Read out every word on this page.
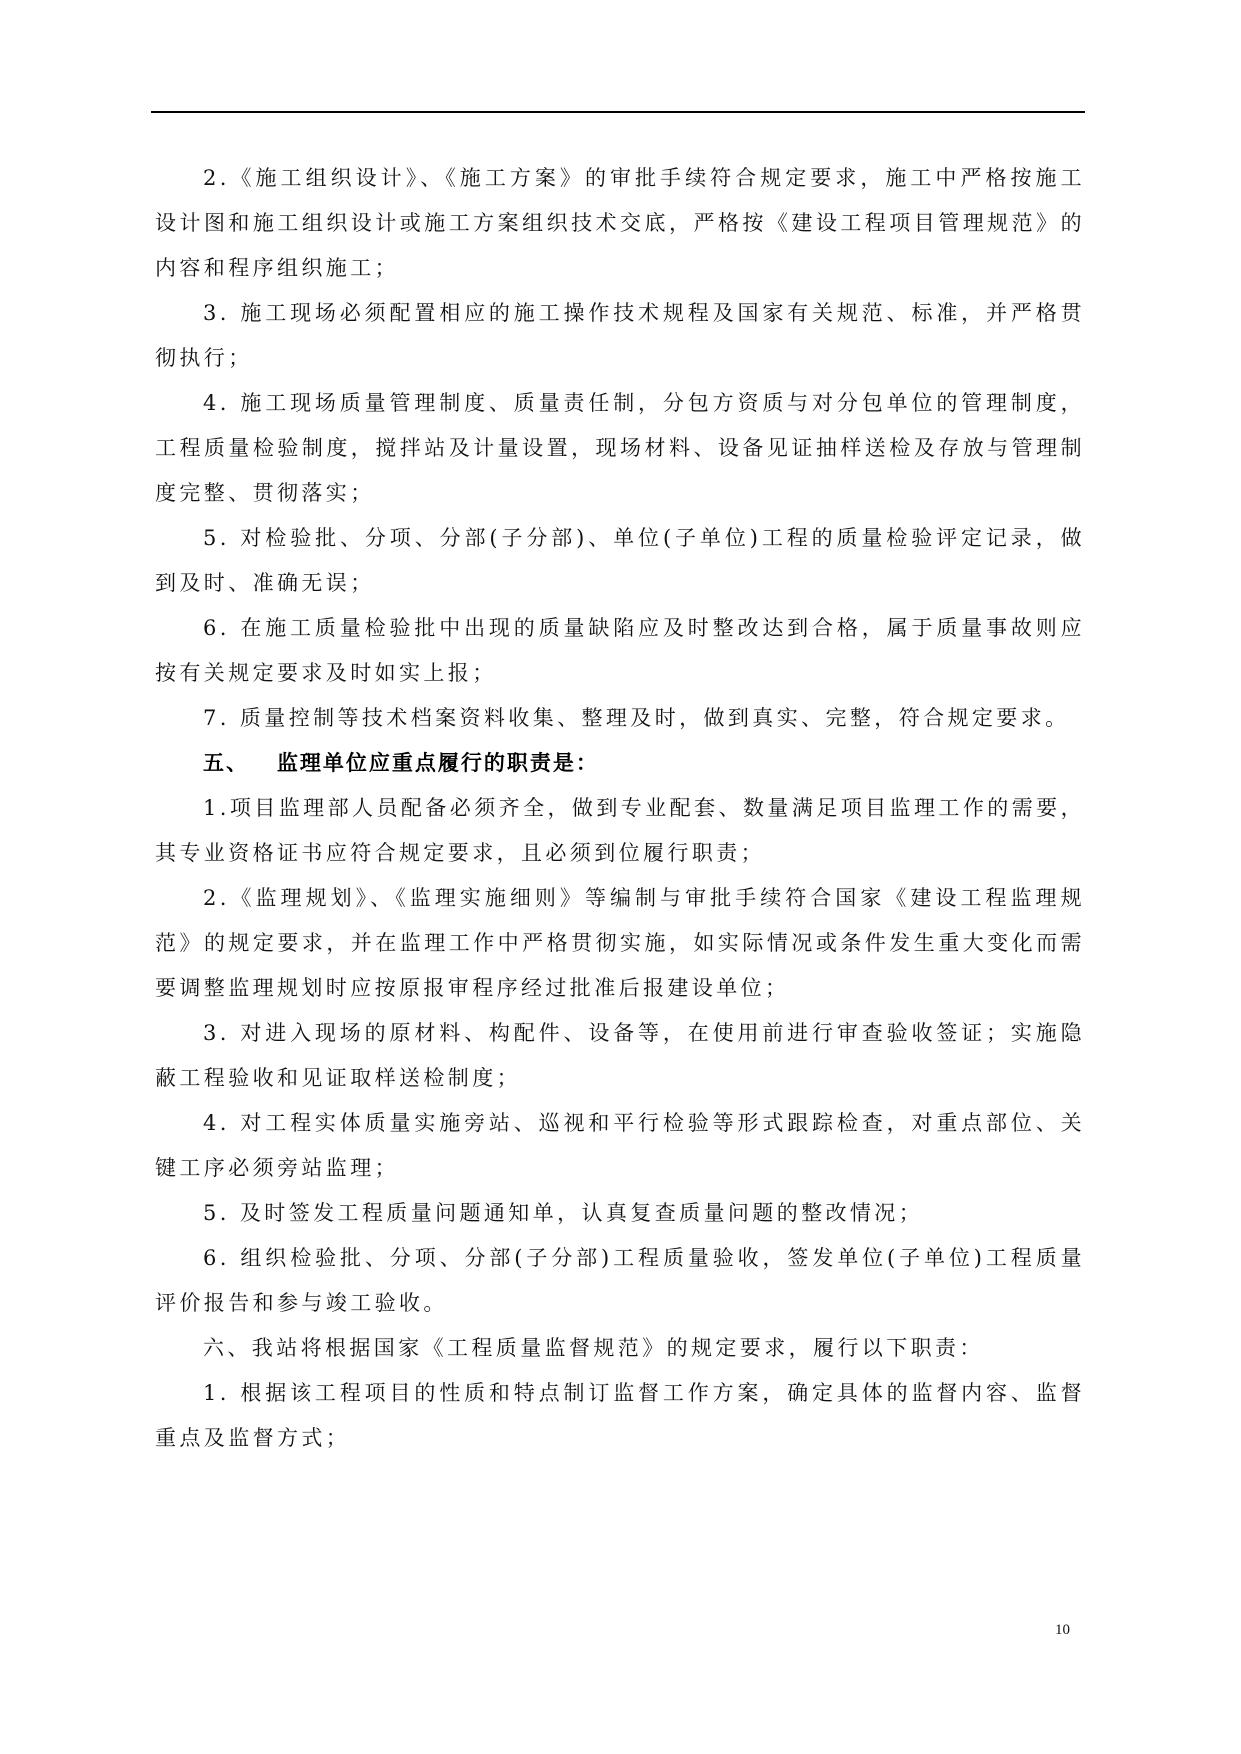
2.《施工组织设计》、《施工方案》的审批手续符合规定要求，施工中严格按施工设计图和施工组织设计或施工方案组织技术交底，严格按《建设工程项目管理规范》的内容和程序组织施工；

3. 施工现场必须配置相应的施工操作技术规程及国家有关规范、标准，并严格贯彻执行；

4. 施工现场质量管理制度、质量责任制，分包方资质与对分包单位的管理制度，工程质量检验制度，搅拌站及计量设置，现场材料、设备见证抽样送检及存放与管理制度完整、贯彻落实；

5. 对检验批、分项、分部(子分部)、单位(子单位)工程的质量检验评定记录，做到及时、准确无误；

6. 在施工质量检验批中出现的质量缺陷应及时整改达到合格，属于质量事故则应按有关规定要求及时如实上报；

7. 质量控制等技术档案资料收集、整理及时，做到真实、完整，符合规定要求。

五、   监理单位应重点履行的职责是：

1.项目监理部人员配备必须齐全，做到专业配套、数量满足项目监理工作的需要，其专业资格证书应符合规定要求，且必须到位履行职责；

2.《监理规划》、《监理实施细则》等编制与审批手续符合国家《建设工程监理规范》的规定要求，并在监理工作中严格贯彻实施，如实际情况或条件发生重大变化而需要调整监理规划时应按原报审程序经过批准后报建设单位；

3. 对进入现场的原材料、构配件、设备等，在使用前进行审查验收签证；实施隐蔽工程验收和见证取样送检制度；

4. 对工程实体质量实施旁站、巡视和平行检验等形式跟踪检查，对重点部位、关键工序必须旁站监理；

5. 及时签发工程质量问题通知单，认真复查质量问题的整改情况；

6. 组织检验批、分项、分部(子分部)工程质量验收，签发单位(子单位)工程质量评价报告和参与竣工验收。

六、我站将根据国家《工程质量监督规范》的规定要求，履行以下职责：

1. 根据该工程项目的性质和特点制订监督工作方案，确定具体的监督内容、监督重点及监督方式；

10
